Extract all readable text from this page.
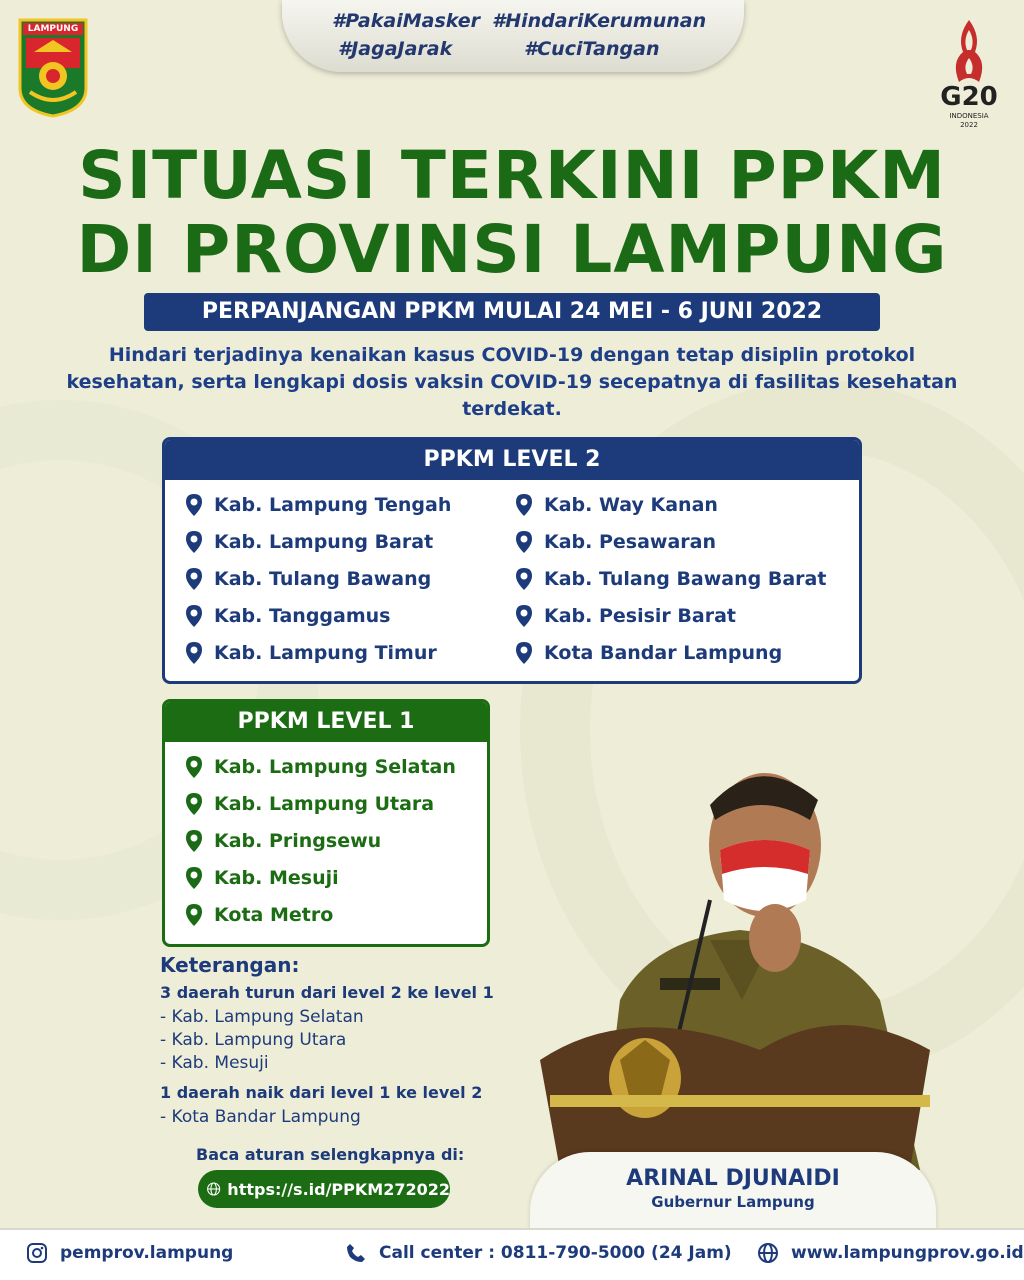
#PakaiMasker #HindariKerumunan
#JagaJarak	#CuciTangan
LAMPUNG
G20
INDONESIA
2022
SITUASI TERKINI PPKM
DI PROVINSI LAMPUNG
PERPANJANGAN PPKM MULAI 24 MEI - 6 JUNI 2022
Hindari terjadinya kenaikan kasus COVID-19 dengan tetap disiplin protokol kesehatan, serta lengkapi dosis vaksin COVID-19 secepatnya di fasilitas kesehatan terdekat.
PPKM LEVEL 2
Kab. Lampung Tengah
Kab. Lampung Barat
Kab. Tulang Bawang
Kab. Tanggamus
Kab. Lampung Timur
Kab. Way Kanan
Kab. Pesawaran
Kab. Tulang Bawang Barat
Kab. Pesisir Barat
Kota Bandar Lampung
PPKM LEVEL 1
Kab. Lampung Selatan
Kab. Lampung Utara
Kab. Pringsewu
Kab. Mesuji
Kota Metro
Keterangan:
3 daerah turun dari level 2 ke level 1
- Kab. Lampung Selatan
- Kab. Lampung Utara
- Kab. Mesuji
1 daerah naik dari level 1 ke level 2
- Kota Bandar Lampung
Baca aturan selengkapnya di:
https://s.id/PPKM272022	ARINAL DJUNAIDI
Gubernur Lampung
pemprov.lampung	Call center : 0811-790-5000 (24 Jam)	www.lampungprov.go.id
